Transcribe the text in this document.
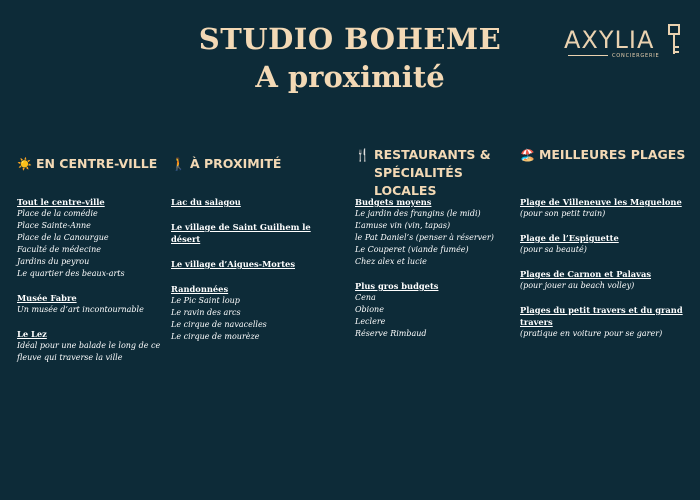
STUDIO BOHEME
A proximité
AXYLIA
CONCIERGERIE
☀️ EN CENTRE-VILLE
Tout le centre-ville
Place de la comédie
Place Sainte-Anne
Place de la Canourgue
Faculté de médecine
Jardins du peyrou
Le quartier des beaux-arts
Musée Fabre
Un musée d’art incontournable
Le Lez
Idéal pour une balade le long de ce
fleuve qui traverse la ville
🚶 À PROXIMITÉ
Lac du salagou
Le village de Saint Guilhem le désert
Le village d’Aigues-Mortes
Randonnées
Le Pic Saint loup
Le ravin des arcs
Le cirque de navacelles
Le cirque de mourèze
🍴 RESTAURANTS & SPÉCIALITÉS LOCALES
Budgets moyens
Le jardin des frangins (le midi)
L’amuse vin (vin, tapas)
le Pat Daniel’s (penser à réserver)
Le Couperet (viande fumée)
Chez alex et lucie
Plus gros budgets
Cena
Obione
Leclere
Réserve Rimbaud
🏖️ MEILLEURES PLAGES
Plage de Villeneuve les Maguelone
(pour son petit train)
Plage de l’Espiguette
(pour sa beauté)
Plages de Carnon et Palavas
(pour jouer au beach volley)
Plages du petit travers et du grand travers
(pratique en voiture pour se garer)
